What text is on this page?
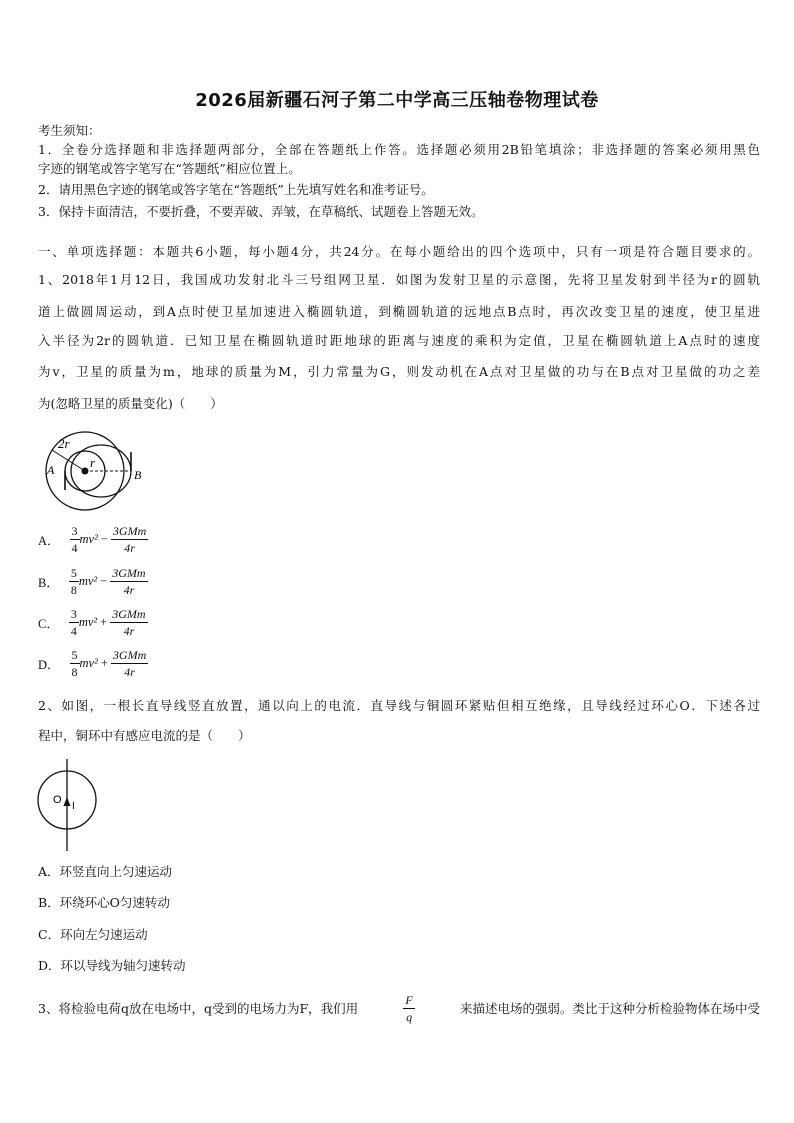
2026届新疆石河子第二中学高三压轴卷物理试卷
考生须知：
1．全卷分选择题和非选择题两部分，全部在答题纸上作答。选择题必须用2B铅笔填涂；非选择题的答案必须用黑色
字迹的钢笔或答字笔写在“答题纸”相应位置上。
2．请用黑色字迹的钢笔或答字笔在“答题纸”上先填写姓名和准考证号。
3．保持卡面清洁，不要折叠，不要弄破、弄皱，在草稿纸、试题卷上答题无效。
一、单项选择题：本题共6小题，每小题4分，共24分。在每小题给出的四个选项中，只有一项是符合题目要求的。
1、2018年1月12日，我国成功发射北斗三号组网卫星．如图为发射卫星的示意图，先将卫星发射到半径为r的圆轨
道上做圆周运动，到A点时使卫星加速进入椭圆轨道，到椭圆轨道的远地点B点时，再次改变卫星的速度，使卫星进
入半径为2r的圆轨道．已知卫星在椭圆轨道时距地球的距离与速度的乘积为定值，卫星在椭圆轨道上A点时的速度
为v，卫星的质量为m，地球的质量为M，引力常量为G，则发动机在A点对卫星做的功与在B点对卫星做的功之差
为(忽略卫星的质量变化)（　　）
2r
r
A	B
A． $\frac{3}{4} mv^2 - \frac{\text{3GMm}}{4r}$
B． $\frac{5}{8} mv^2 - \frac{\text{3GMm}}{4r}$
C． $\frac{3}{4} mv^2 + \frac{\text{3GMm}}{4r}$
D． $\frac{5}{8} mv^2 + \frac{\text{3GMm}}{4r}$
2、如图，一根长直导线竖直放置，通以向上的电流．直导线与铜圆环紧贴但相互绝缘，且导线经过环心O．下述各过
程中，铜环中有感应电流的是（　　）
O
I
A．环竖直向上匀速运动
B．环绕环心O匀速转动
C．环向左匀速运动
D．环以导线为轴匀速转动
3、将检验电荷q放在电场中，q受到的电场力为F，我们用	$\frac{F}{q}$	来描述电场的强弱。类比于这种分析检验物体在场中受
